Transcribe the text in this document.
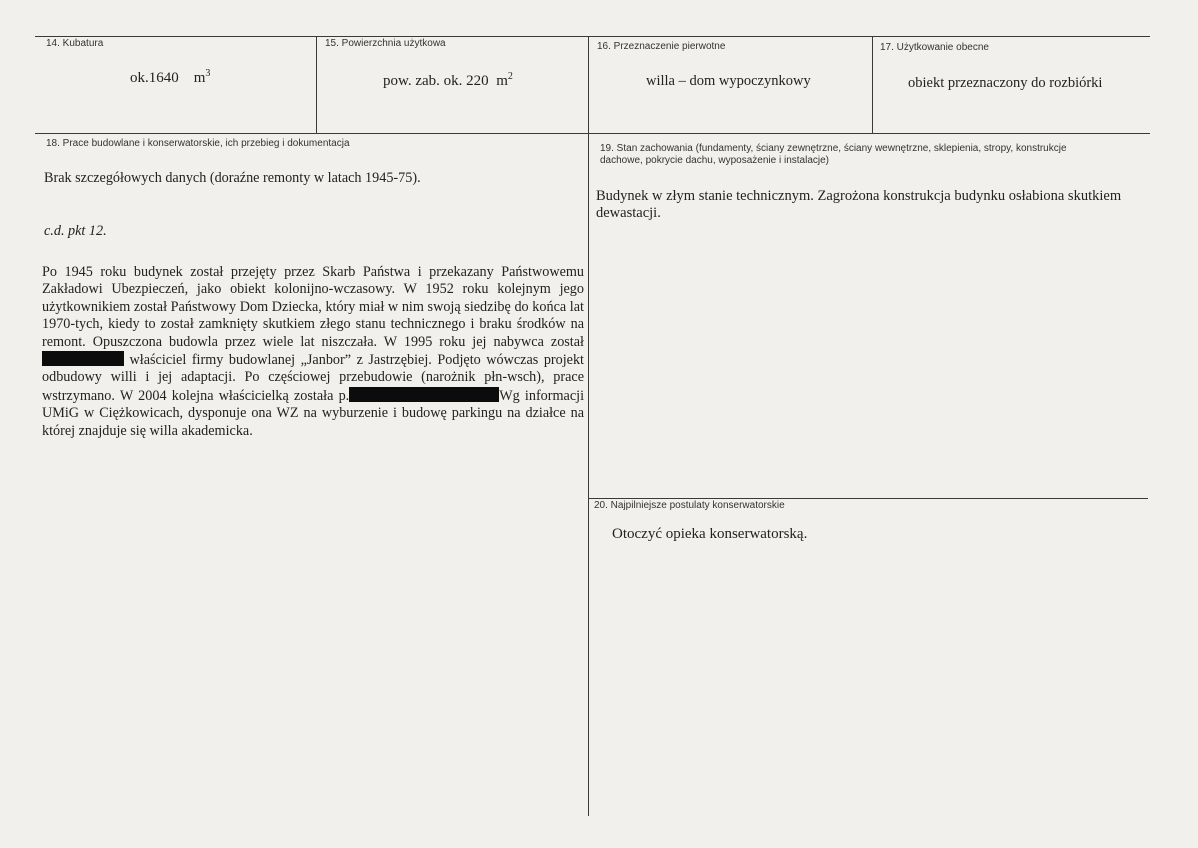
14. Kubatura
ok.1640 $m^3$
15. Powierzchnia użytkowa
pow. zab. ok. 220 $m^2$
16. Przeznaczenie pierwotne
willa – dom wypoczynkowy
17. Użytkowanie obecne
obiekt przeznaczony do rozbiórki
18. Prace budowlane i konserwatorskie, ich przebieg i dokumentacja
Brak szczegółowych danych (doraźne remonty w latach 1945-75).
c.d. pkt 12.
Po 1945 roku budynek został przejęty przez Skarb Państwa i przekazany Państwowemu Zakładowi Ubezpieczeń, jako obiekt kolonijno-wczasowy. W 1952 roku kolejnym jego użytkownikiem został Państwowy Dom Dziecka, który miał w nim swoją siedzibę do końca lat 1970-tych, kiedy to został zamknięty skutkiem złego stanu technicznego i braku środków na remont. Opuszczona budowla przez wiele lat niszczała. W 1995 roku jej nabywca został  właściciel firmy budowlanej „Janbor” z Jastrzębiej. Podjęto wówczas projekt odbudowy willi i jej adaptacji. Po częściowej przebudowie (narożnik płn-wsch), prace wstrzymano. W 2004 kolejna właścicielką została p.	Wg informacji UMiG w Ciężkowicach, dysponuje ona WZ na wyburzenie i budowę parkingu na działce na której znajduje się willa akademicka.
19. Stan zachowania (fundamenty, ściany zewnętrzne, ściany wewnętrzne, sklepienia, stropy, konstrukcje dachowe, pokrycie dachu, wyposażenie i instalacje)
Budynek w złym stanie technicznym. Zagrożona konstrukcja budynku osłabiona skutkiem dewastacji.
20. Najpilniejsze postulaty konserwatorskie
Otoczyć opieka konserwatorską.
